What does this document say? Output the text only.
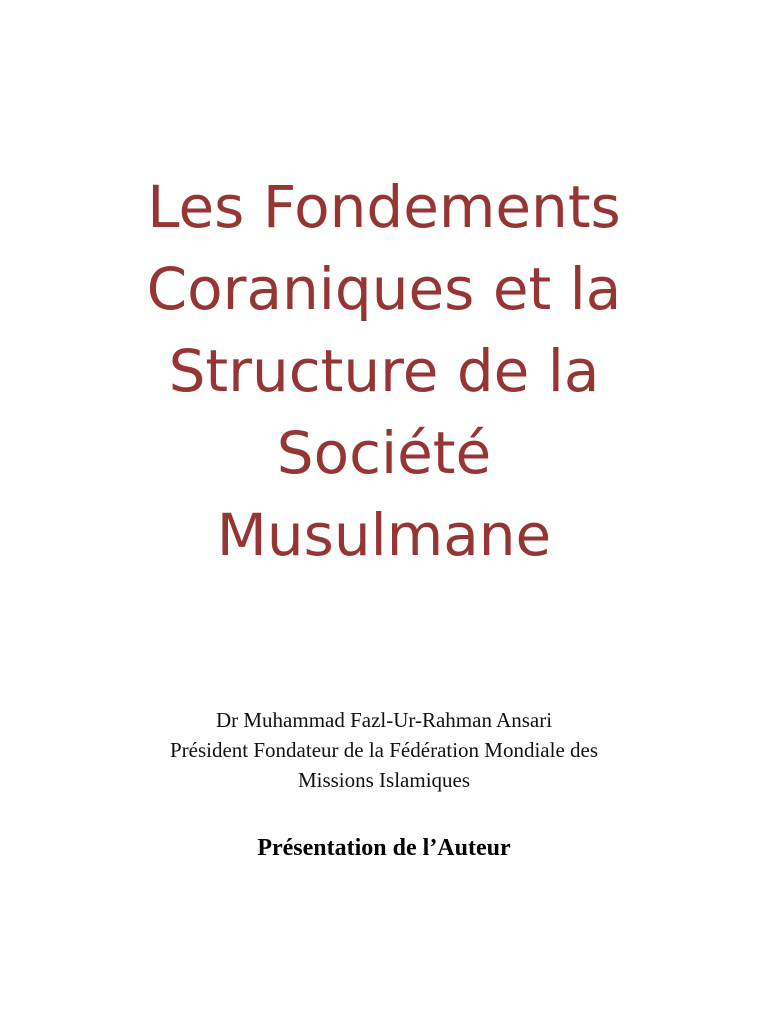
Les Fondements
Coraniques et la
Structure de la
Société
Musulmane
Dr Muhammad Fazl-Ur-Rahman Ansari
Président Fondateur de la Fédération Mondiale des
Missions Islamiques
Présentation de l’Auteur
